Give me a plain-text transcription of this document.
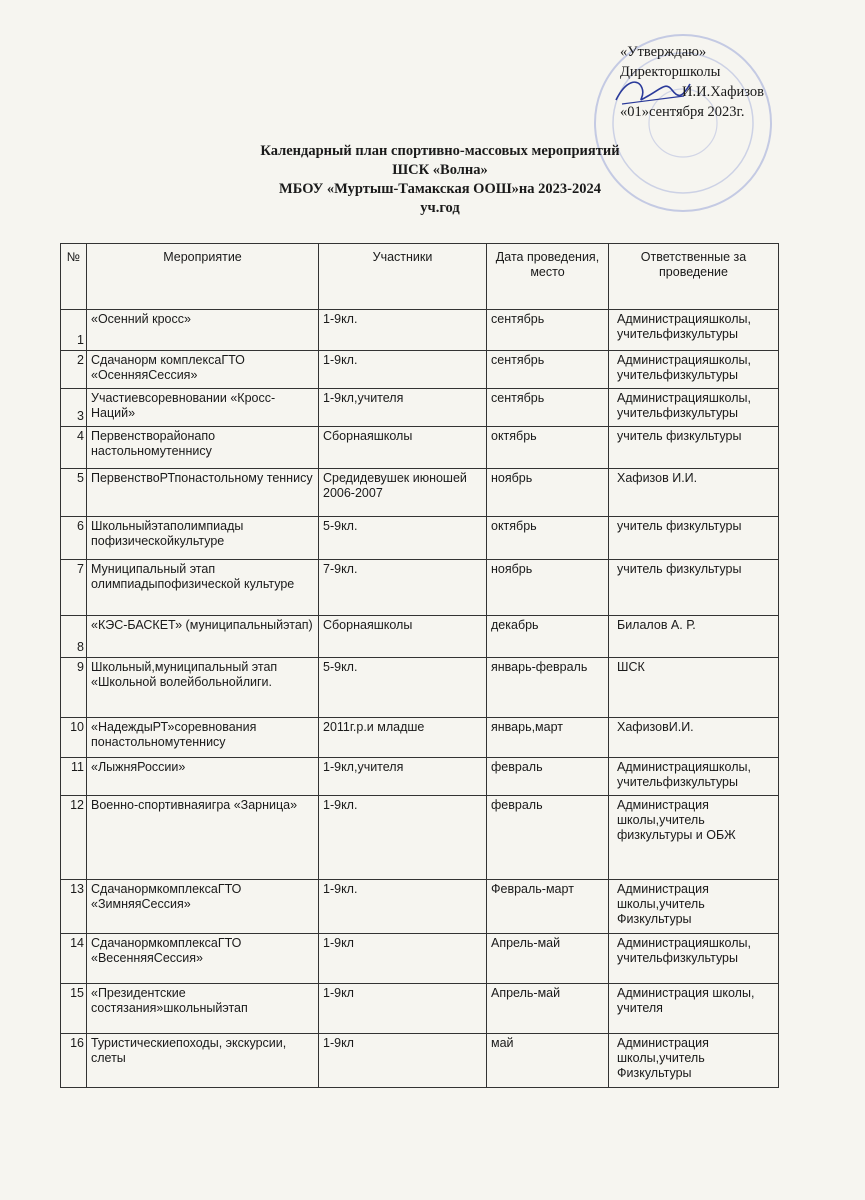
«Утверждаю»
Директоршколы
И.И.Хафизов
«01»сентября 2023г.
Календарный план спортивно-массовых мероприятий
ШСК «Волна»
МБОУ «Муртыш-Тамакская ООШ»на 2023-2024
уч.год
№	Мероприятие	Участники	Дата проведения, место	Ответственные за проведение
1	«Осенний кросс»	1-9кл.	сентябрь	Администрацияшколы, учительфизкультуры
2	Сдачанорм комплексаГТО «ОсенняяСессия»	1-9кл.	сентябрь	Администрацияшколы, учительфизкультуры
3	Участиевсоревновании «Кросс-Наций»	1-9кл,учителя	сентябрь	Администрацияшколы, учительфизкультуры
4	Первенстворайонапо настольномутеннису	Сборнаяшколы	октябрь	учитель физкультуры
5	ПервенствоРТпонастольному теннису	Средидевушек июношей 2006-2007	ноябрь	Хафизов И.И.
6	Школьныйэтаполимпиады пофизическойкультуре	5-9кл.	октябрь	учитель физкультуры
7	Муниципальный этап олимпиадыпофизической культуре	7-9кл.	ноябрь	учитель физкультуры
8	«КЭС-БАСКЕТ» (муниципальныйэтап)	Сборнаяшколы	декабрь	Билалов А. Р.
9	Школьный,муниципальный этап «Школьной волейбольнойлиги.	5-9кл.	январь-февраль	ШСК
10	«НадеждыРТ»соревнования понастольномутеннису	2011г.р.и младше	январь,март	ХафизовИ.И.
11	«ЛыжняРоссии»	1-9кл,учителя	февраль	Администрацияшколы, учительфизкультуры
12	Военно-спортивнаяигра «Зарница»	1-9кл.	февраль	Администрация школы,учитель физкультуры и ОБЖ
13	СдачанормкомплексаГТО «ЗимняяСессия»	1-9кл.	Февраль-март	Администрация школы,учитель Физкультуры
14	СдачанормкомплексаГТО «ВесенняяСессия»	1-9кл	Апрель-май	Администрацияшколы, учительфизкультуры
15	«Президентские состязания»школьныйэтап	1-9кл	Апрель-май	Администрация школы, учителя
16	Туристическиепоходы, экскурсии, слеты	1-9кл	май	Администрация школы,учитель Физкультуры
